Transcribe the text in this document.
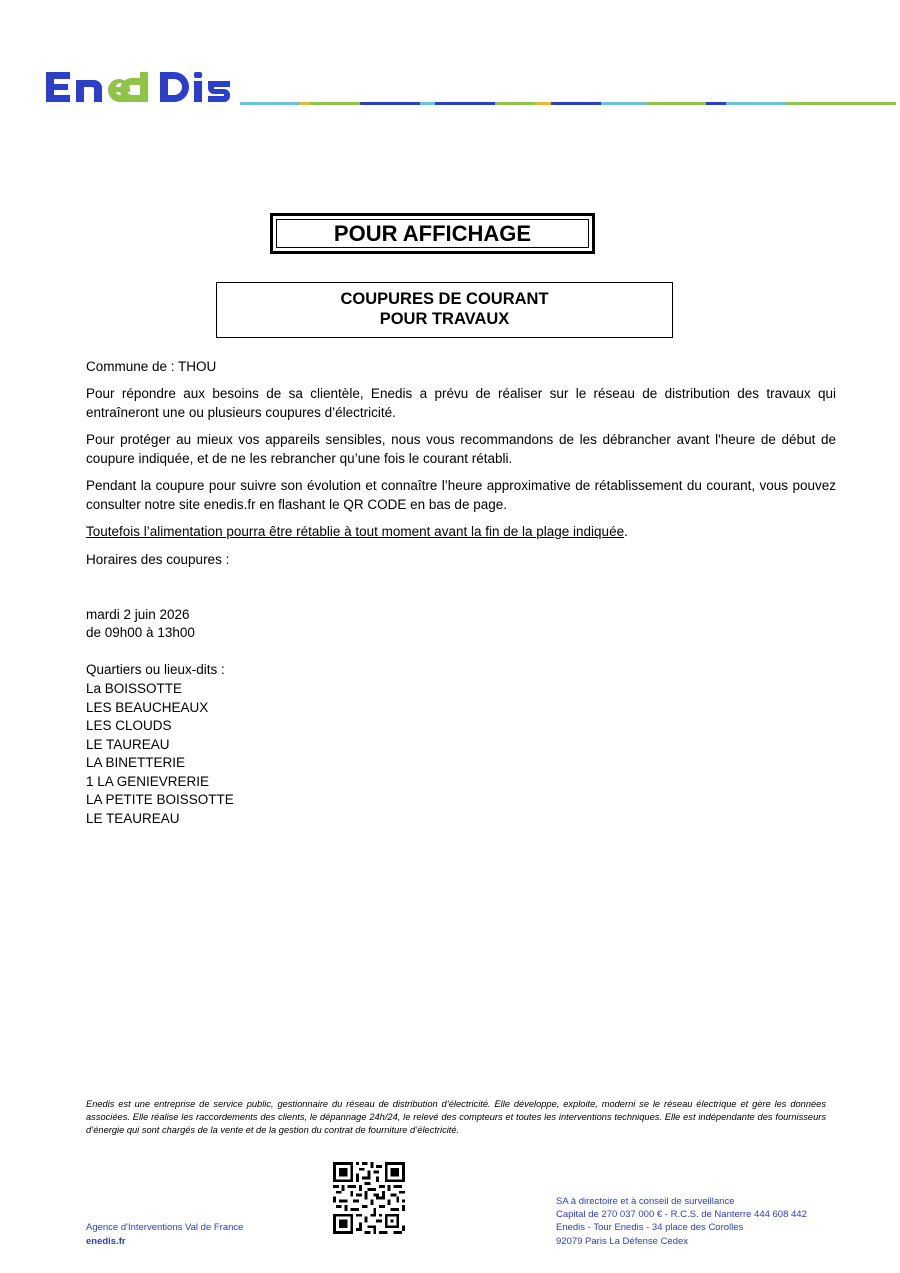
POUR AFFICHAGE
COUPURES DE COURANT
POUR TRAVAUX
Commune de : THOU
Pour répondre aux besoins de sa clientèle, Enedis a prévu de réaliser sur le réseau de distribution des travaux qui entraîneront une ou plusieurs coupures d’électricité.
Pour protéger au mieux vos appareils sensibles, nous vous recommandons de les débrancher avant l'heure de début de coupure indiquée, et de ne les rebrancher qu’une fois le courant rétabli.
Pendant la coupure pour suivre son évolution et connaître l’heure approximative de rétablissement du courant, vous pouvez consulter notre site enedis.fr en flashant le QR CODE en bas de page.
Toutefois l’alimentation pourra être rétablie à tout moment avant la fin de la plage indiquée.
Horaires des coupures :
mardi 2 juin 2026
de 09h00 à 13h00
Quartiers ou lieux-dits :
La BOISSOTTE
LES BEAUCHEAUX
LES CLOUDS
LE TAUREAU
LA BINETTERIE
1 LA GENIEVRERIE
LA PETITE BOISSOTTE
LE TEAUREAU
Enedis est une entreprise de service public, gestionnaire du réseau de distribution d’électricité. Elle développe, exploite, moderni se le réseau électrique et gère les données associées. Elle réalise les raccordements des clients, le dépannage 24h/24, le relevé des compteurs et toutes les interventions techniques. Elle est indépendante des fournisseurs d’énergie qui sont chargés de la vente et de la gestion du contrat de fourniture d’électricité.
Agence d'Interventions Val de France
enedis.fr
SA à directoire et à conseil de surveillance
Capital de 270 037 000 € - R.C.S. de Nanterre 444 608 442
Enedis - Tour Enedis - 34 place des Corolles
92079 Paris La Défense Cedex
